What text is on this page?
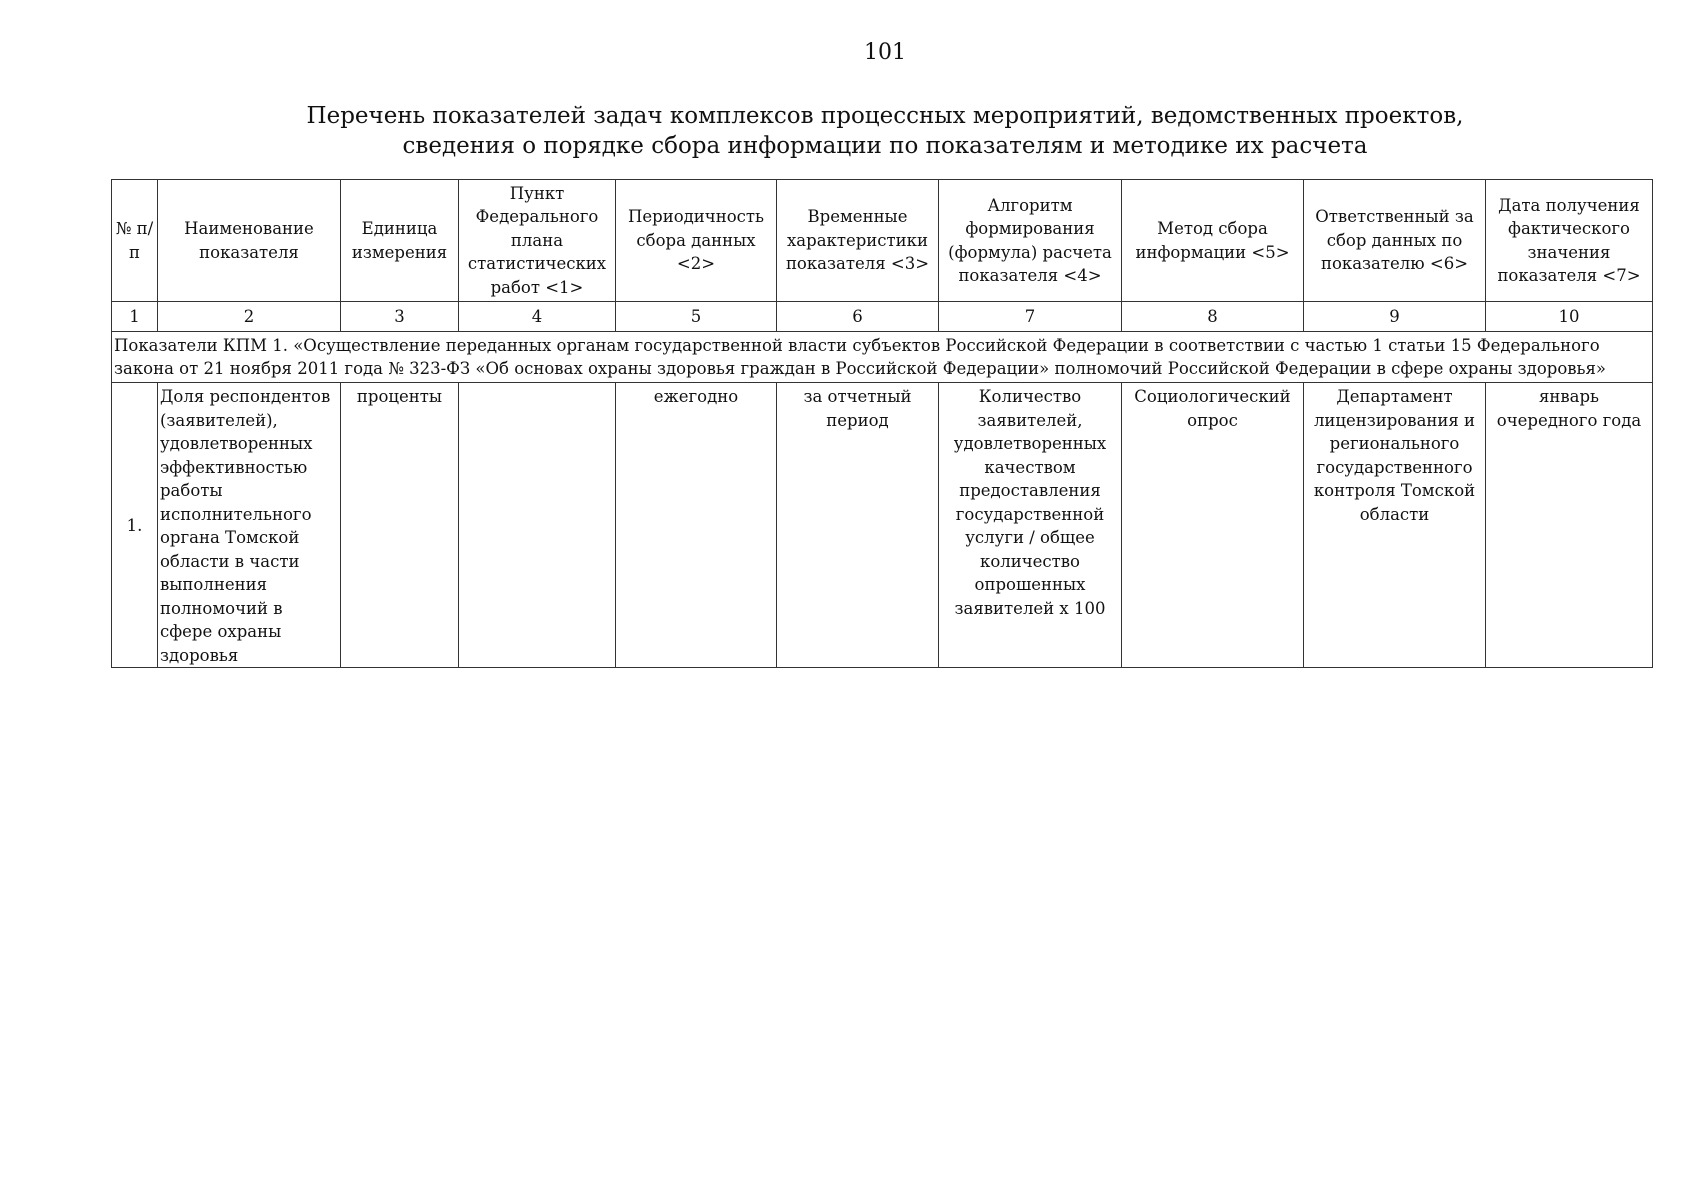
101
Перечень показателей задач комплексов процессных мероприятий, ведомственных проектов,
сведения о порядке сбора информации по показателям и методике их расчета
№ п/п	Наименование показателя	Единица измерения	Пункт Федерального плана статистических работ <1>	Периодичность сбора данных <2>	Временные характеристики показателя <3>	Алгоритм формирования (формула) расчета показателя <4>	Метод сбора информации <5>	Ответственный за сбор данных по показателю <6>	Дата получения фактического значения показателя <7>
1	2	3	4	5	6	7	8	9	10
Показатели КПМ 1. «Осуществление переданных органам государственной власти субъектов Российской Федерации в соответствии с частью 1 статьи 15 Федерального закона от 21 ноября 2011 года № 323-ФЗ «Об основах охраны здоровья граждан в Российской Федерации» полномочий Российской Федерации в сфере охраны здоровья»									
1.	Доля респондентов (заявителей), удовлетворенных эффективностью работы исполнительного органа Томской области в части выполнения полномочий в сфере охраны здоровья	проценты		ежегодно	за отчетный период	Количество заявителей, удовлетворенных качеством предоставления государственной услуги / общее количество опрошенных заявителей x 100	Социологический опрос	Департамент лицензирования и регионального государственного контроля Томской области	январь очередного года
